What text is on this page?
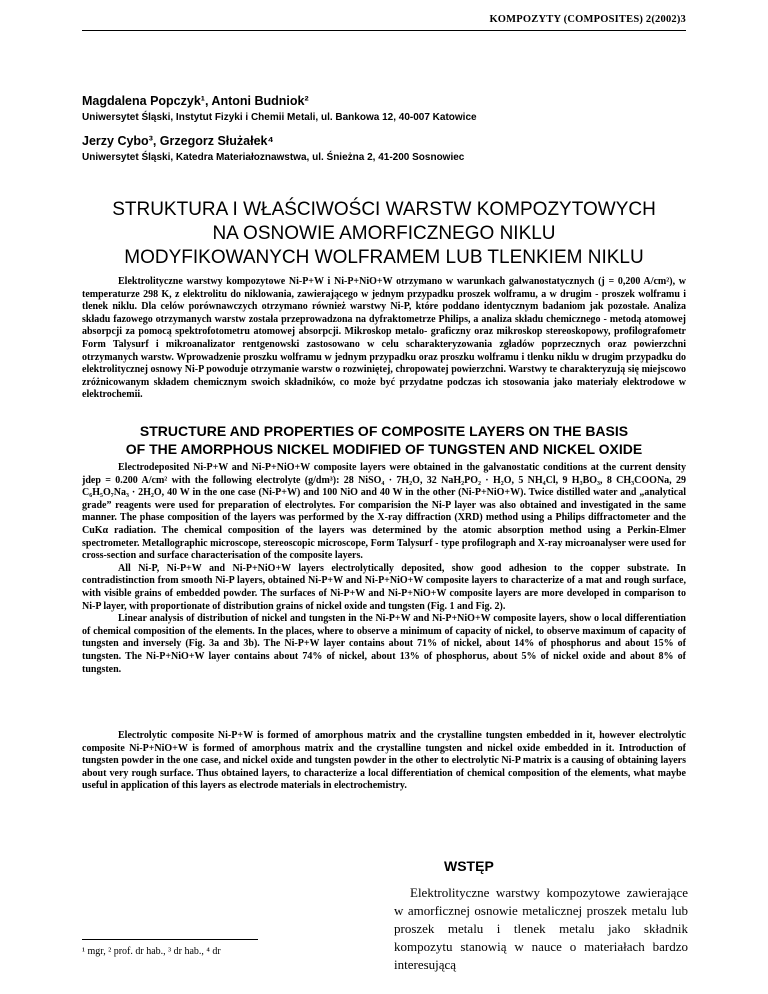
KOMPOZYTY (COMPOSITES) 2(2002)3
Magdalena Popczyk¹, Antoni Budniok²
Uniwersytet Śląski, Instytut Fizyki i Chemii Metali, ul. Bankowa 12, 40-007 Katowice
Jerzy Cybo³, Grzegorz Służałek⁴
Uniwersytet Śląski, Katedra Materiałoznawstwa, ul. Śnieżna 2, 41-200 Sosnowiec
STRUKTURA I WŁAŚCIWOŚCI WARSTW KOMPOZYTOWYCH
NA OSNOWIE AMORFICZNEGO NIKLU
MODYFIKOWANYCH WOLFRAMEM LUB TLENKIEM NIKLU

Elektrolityczne warstwy kompozytowe Ni-P+W i Ni-P+NiO+W otrzymano w warunkach galwanostatycznych (j = 0,200 A/cm²), w temperaturze 298 K, z elektrolitu do niklowania, zawierającego w jednym przypadku proszek wolframu, a w drugim - proszek wolframu i tlenek niklu. Dla celów porównawczych otrzymano również warstwy Ni-P, które poddano identycznym badaniom jak pozostałe. Analiza składu fazowego otrzymanych warstw została przeprowadzona na dyfraktometrze Philips, a analiza składu chemicznego - metodą atomowej absorpcji za pomocą spektrofotometru atomowej absorpcji. Mikroskop metalo- graficzny oraz mikroskop stereoskopowy, profilografometr Form Talysurf i mikroanalizator rentgenowski zastosowano w celu scharakteryzowania zgładów poprzecznych oraz powierzchni otrzymanych warstw. Wprowadzenie proszku wolframu w jednym przypadku oraz proszku wolframu i tlenku niklu w drugim przypadku do elektrolitycznej osnowy Ni-P powoduje otrzymanie warstw o rozwiniętej, chropowatej powierzchni. Warstwy te charakteryzują się miejscowo zróżnicowanym składem chemicznym swoich składników, co może być przydatne podczas ich stosowania jako materiały elektrodowe w elektrochemii.

STRUCTURE AND PROPERTIES OF COMPOSITE LAYERS ON THE BASIS
OF THE AMORPHOUS NICKEL MODIFIED OF TUNGSTEN AND NICKEL OXIDE

Electrodeposited Ni-P+W and Ni-P+NiO+W composite layers were obtained in the galvanostatic conditions at the current density jdep = 0.200 A/cm² with the following electrolyte (g/dm³): 28 NiSO₄ · 7H₂O, 32 NaH₂PO₂ · H₂O, 5 NH₄Cl, 9 H₃BO₃, 8 CH₃COONa, 29 C₆H₅O₇Na₃ · 2H₂O, 40 W in the one case (Ni-P+W) and 100 NiO and 40 W in the other (Ni-P+NiO+W). Twice distilled water and „analytical grade” reagents were used for preparation of electrolytes. For comparision the Ni-P layer was also obtained and investigated in the same manner. The phase composition of the layers was performed by the X-ray diffraction (XRD) method using a Philips diffractometer and the CuKα radiation. The chemical composition of the layers was determined by the atomic absorption method using a Perkin-Elmer spectrometer. Metallographic microscope, stereoscopic microscope, Form Talysurf - type profilograph and X-ray microanalyser were used for cross-section and surface characterisation of the composite layers.

All Ni-P, Ni-P+W and Ni-P+NiO+W layers electrolytically deposited, show good adhesion to the copper substrate. In contradistinction from smooth Ni-P layers, obtained Ni-P+W and Ni-P+NiO+W composite layers to characterize of a mat and rough surface, with visible grains of embedded powder. The surfaces of Ni-P+W and Ni-P+NiO+W composite layers are more developed in comparison to Ni-P layer, with proportionate of distribution grains of nickel oxide and tungsten (Fig. 1 and Fig. 2).

Linear analysis of distribution of nickel and tungsten in the Ni-P+W and Ni-P+NiO+W composite layers, show o local differentiation of chemical composition of the elements. In the places, where to observe a minimum of capacity of nickel, to observe maximum of capacity of tungsten and inversely (Fig. 3a and 3b). The Ni-P+W layer contains about 71% of nickel, about 14% of phosphorus and about 15% of tungsten. The Ni-P+NiO+W layer contains about 74% of nickel, about 13% of phosphorus, about 5% of nickel oxide and about 8% of tungsten.

Electrolytic composite Ni-P+W is formed of amorphous matrix and the crystalline tungsten embedded in it, however electrolytic composite Ni-P+NiO+W is formed of amorphous matrix and the crystalline tungsten and nickel oxide embedded in it. Introduction of tungsten powder in the one case, and nickel oxide and tungsten powder in the other to electrolytic Ni-P matrix is a causing of obtaining layers about very rough surface. Thus obtained layers, to characterize a local differentiation of chemical composition of the elements, what maybe useful in application of this layers as electrode materials in electrochemistry.

WSTĘP

Elektrolityczne warstwy kompozytowe zawierające w amorficznej osnowie metalicznej proszek metalu lub proszek metalu i tlenek metalu jako składnik kompozytu stanowią w nauce o materiałach bardzo interesującą

¹ mgr, ² prof. dr hab., ³ dr hab., ⁴ dr
